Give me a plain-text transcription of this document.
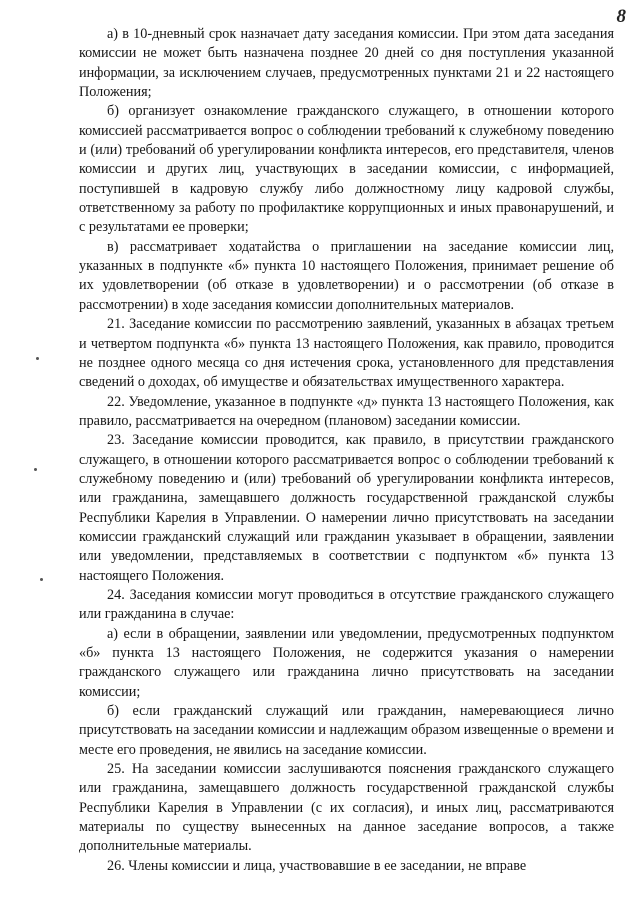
8

а) в 10-дневный срок назначает дату заседания комиссии. При этом дата заседания комиссии не может быть назначена позднее 20 дней со дня поступления указанной информации, за исключением случаев, предусмотренных пунктами 21 и 22 настоящего Положения;

б) организует ознакомление гражданского служащего, в отношении которого комиссией рассматривается вопрос о соблюдении требований к служебному поведению и (или) требований об урегулировании конфликта интересов, его представителя, членов комиссии и других лиц, участвующих в заседании комиссии, с информацией, поступившей в кадровую службу либо должностному лицу кадровой службы, ответственному за работу по профилактике коррупционных и иных правонарушений, и с результатами ее проверки;

в) рассматривает ходатайства о приглашении на заседание комиссии лиц, указанных в подпункте «б» пункта 10 настоящего Положения, принимает решение об их удовлетворении (об отказе в удовлетворении) и о рассмотрении (об отказе в рассмотрении) в ходе заседания комиссии дополнительных материалов.

21. Заседание комиссии по рассмотрению заявлений, указанных в абзацах третьем и четвертом подпункта «б» пункта 13 настоящего Положения, как правило, проводится не позднее одного месяца со дня истечения срока, установленного для представления сведений о доходах, об имуществе и обязательствах имущественного характера.

22. Уведомление, указанное в подпункте «д» пункта 13 настоящего Положения, как правило, рассматривается на очередном (плановом) заседании комиссии.

23. Заседание комиссии проводится, как правило, в присутствии гражданского служащего, в отношении которого рассматривается вопрос о соблюдении требований к служебному поведению и (или) требований об урегулировании конфликта интересов, или гражданина, замещавшего должность государственной гражданской службы Республики Карелия в Управлении. О намерении лично присутствовать на заседании комиссии гражданский служащий или гражданин указывает в обращении, заявлении или уведомлении, представляемых в соответствии с подпунктом «б» пункта 13 настоящего Положения.

24. Заседания комиссии могут проводиться в отсутствие гражданского служащего или гражданина в случае:

а) если в обращении, заявлении или уведомлении, предусмотренных подпунктом «б» пункта 13 настоящего Положения, не содержится указания о намерении гражданского служащего или гражданина лично присутствовать на заседании комиссии;

б) если гражданский служащий или гражданин, намеревающиеся лично присутствовать на заседании комиссии и надлежащим образом извещенные о времени и месте его проведения, не явились на заседание комиссии.

25. На заседании комиссии заслушиваются пояснения гражданского служащего или гражданина, замещавшего должность государственной гражданской службы Республики Карелия в Управлении (с их согласия), и иных лиц, рассматриваются материалы по существу вынесенных на данное заседание вопросов, а также дополнительные материалы.

26. Члены комиссии и лица, участвовавшие в ее заседании, не вправе
